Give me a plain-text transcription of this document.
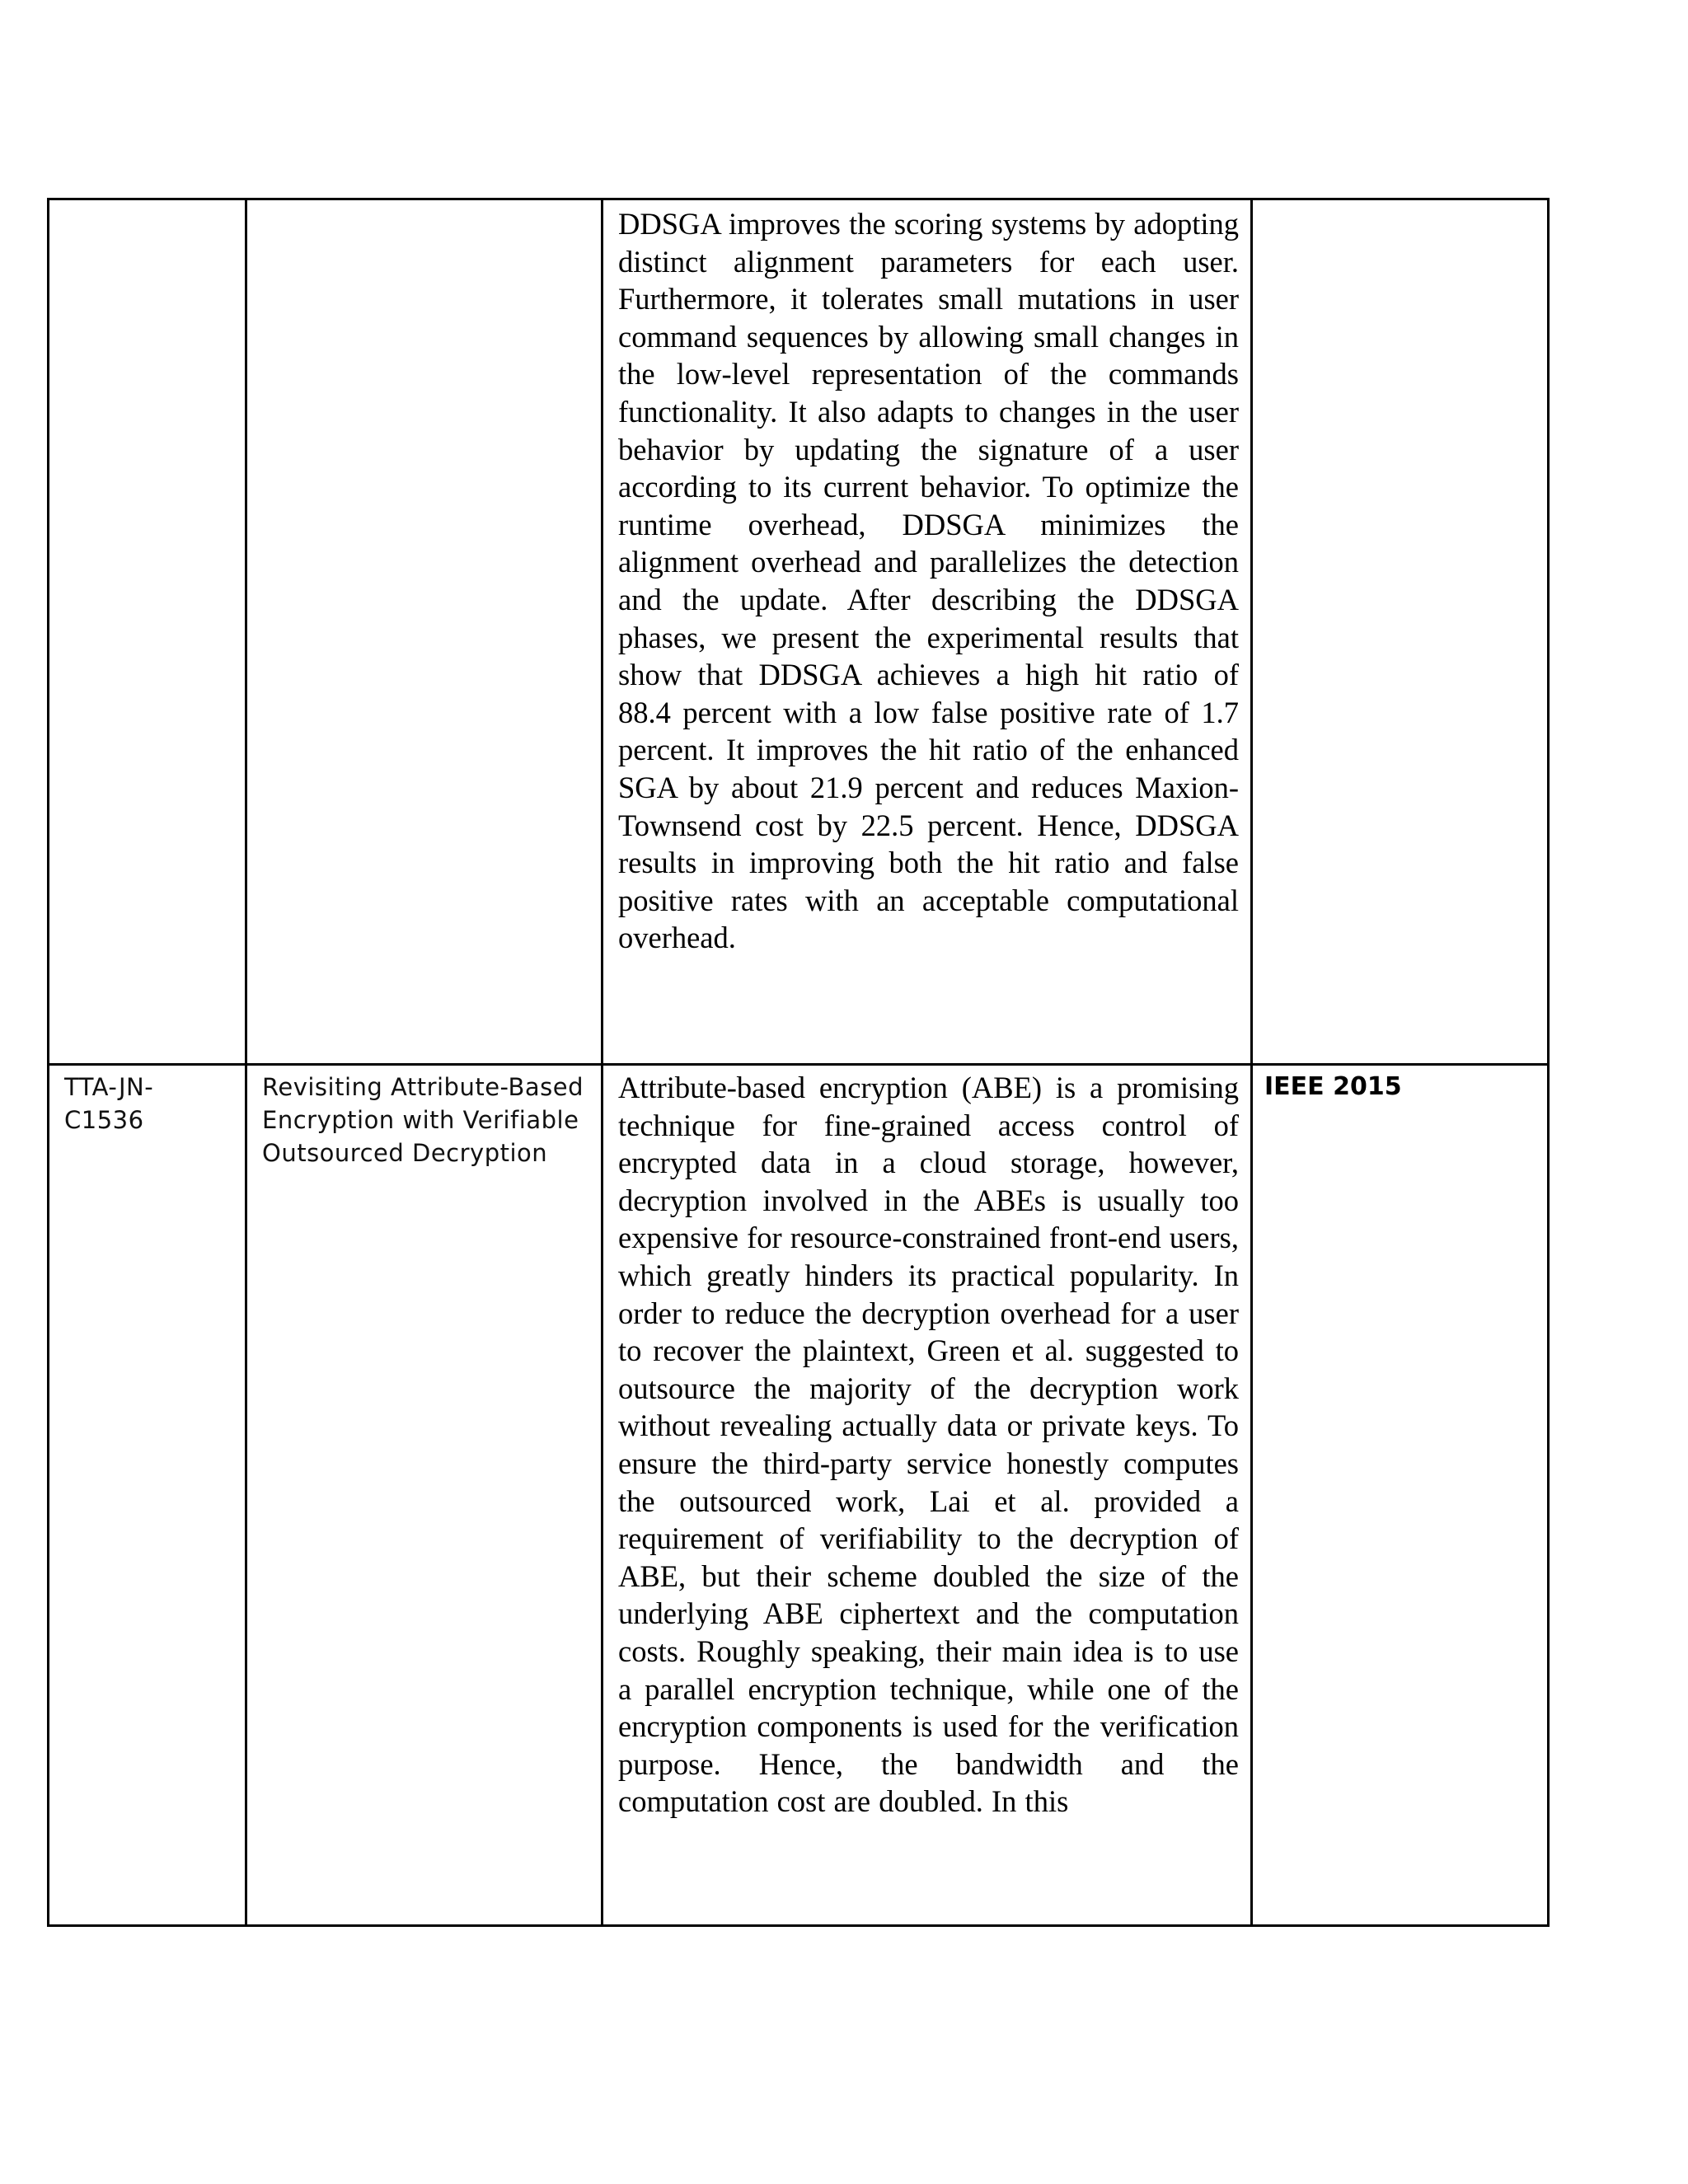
		DDSGA improves the scoring systems by adopting distinct alignment parameters for each user. Furthermore, it tolerates small mutations in user command sequences by allowing small changes in the low-level representation of the commands functionality. It also adapts to changes in the user behavior by updating the signature of a user according to its current behavior. To optimize the runtime overhead, DDSGA minimizes the alignment overhead and parallelizes the detection and the update. After describing the DDSGA phases, we present the experimental results that show that DDSGA achieves a high hit ratio of 88.4 percent with a low false positive rate of 1.7 percent. It improves the hit ratio of the enhanced SGA by about 21.9 percent and reduces Maxion-Townsend cost by 22.5 percent. Hence, DDSGA results in improving both the hit ratio and false positive rates with an acceptable computational overhead.	

TTA-JN-C1536	Revisiting Attribute-Based Encryption with Verifiable Outsourced Decryption	Attribute-based encryption (ABE) is a promising technique for fine-grained access control of encrypted data in a cloud storage, however, decryption involved in the ABEs is usually too expensive for resource-constrained front-end users, which greatly hinders its practical popularity. In order to reduce the decryption overhead for a user to recover the plaintext, Green et al. suggested to outsource the majority of the decryption work without revealing actually data or private keys. To ensure the third-party service honestly computes the outsourced work, Lai et al. provided a requirement of verifiability to the decryption of ABE, but their scheme doubled the size of the underlying ABE ciphertext and the computation costs. Roughly speaking, their main idea is to use a parallel encryption technique, while one of the encryption components is used for the verification purpose. Hence, the bandwidth and the computation cost are doubled. In this	IEEE 2015
